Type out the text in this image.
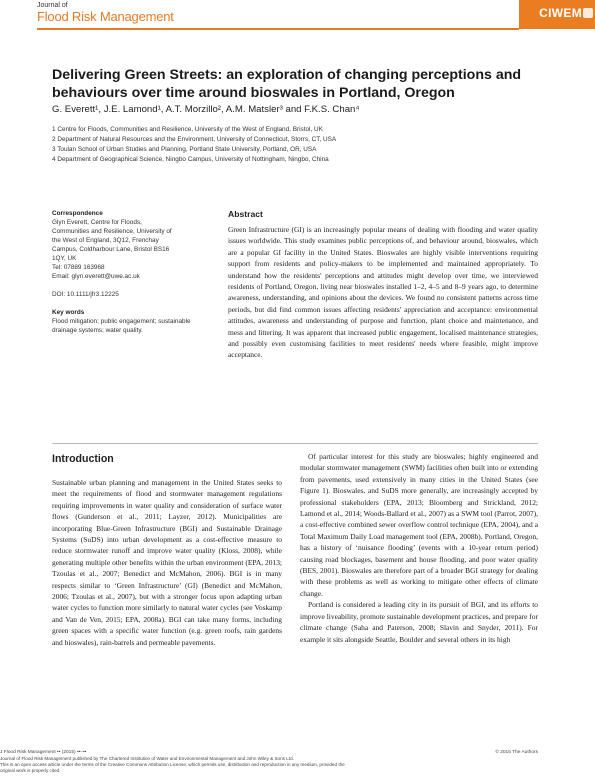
Journal of
Flood Risk Management	CIWEM
Delivering Green Streets: an exploration of changing perceptions and behaviours over time around bioswales in Portland, Oregon
G. Everett¹, J.E. Lamond¹, A.T. Morzillo², A.M. Matsler³ and F.K.S. Chan⁴
1 Centre for Floods, Communities and Resilience, University of the West of England, Bristol, UK
2 Department of Natural Resources and the Environment, University of Connecticut, Storrs, CT, USA
3 Toulan School of Urban Studies and Planning, Portland State University, Portland, OR, USA
4 Department of Geographical Science, Ningbo Campus, University of Nottingham, Ningbo, China
Correspondence
Glyn Everett, Centre for Floods,
Communities and Resilience, University of
the West of England, 3Q12, Frenchay
Campus, Coldharbour Lane, Bristol BS16
1QY, UK
Tel: 07889 163968
Email: glyn.everett@uwe.ac.uk
DOI: 10.1111/jfr3.12225
Key words
Flood mitigation; public engagement; sustainable drainage systems; water quality.
Abstract
Green Infrastructure (GI) is an increasingly popular means of dealing with flooding and water quality issues worldwide. This study examines public perceptions of, and behaviour around, bioswales, which are a popular GI facility in the United States. Bioswales are highly visible interventions requiring support from residents and policy-makers to be implemented and maintained appropriately. To understand how the residents' perceptions and attitudes might develop over time, we interviewed residents of Portland, Oregon, living near bioswales installed 1–2, 4–5 and 8–9 years ago, to determine awareness, understanding, and opinions about the devices. We found no consistent patterns across time periods, but did find common issues affecting residents' appreciation and acceptance: environmental attitudes, awareness and understanding of purpose and function, plant choice and maintenance, and mess and littering. It was apparent that increased public engagement, localised maintenance strategies, and possibly even customising facilities to meet residents' needs where feasible, might improve acceptance.
Introduction

Sustainable urban planning and management in the United States seeks to meet the requirements of flood and stormwater management regulations requiring improvements in water quality and consideration of surface water flows (Gunderson et al., 2011; Layzer, 2012). Municipalities are incorporating Blue-Green Infrastructure (BGI) and Sustainable Drainage Systems (SuDS) into urban development as a cost-effective measure to reduce stormwater runoff and improve water quality (Kloss, 2008), while generating multiple other benefits within the urban environment (EPA, 2013; Tzoulas et al., 2007; Benedict and McMahon, 2006). BGI is in many respects similar to ‘Green Infrastructure’ (GI) (Benedict and McMahon, 2006; Tzoulas et al., 2007), but with a stronger focus upon adapting urban water cycles to function more similarly to natural water cycles (see Voskamp and Van de Ven, 2015; EPA, 2008a). BGI can take many forms, including green spaces with a specific water function (e.g. green roofs, rain gardens and bioswales), rain-barrels and permeable pavements.

Of particular interest for this study are bioswales; highly engineered and modular stormwater management (SWM) facilities often built into or extending from pavements, used extensively in many cities in the United States (see Figure 1). Bioswales, and SuDS more generally, are increasingly accepted by professional stakeholders (EPA, 2013; Bloomberg and Strickland, 2012; Lamond et al., 2014; Woods-Ballard et al., 2007) as a SWM tool (Parrot, 2007), a cost-effective combined sewer overflow control technique (EPA, 2004), and a Total Maximum Daily Load management tool (EPA, 2008b). Portland, Oregon, has a history of ‘nuisance flooding’ (events with a 10-year return period) causing road blockages, basement and house flooding, and poor water quality (BES, 2001). Bioswales are therefore part of a broader BGI strategy for dealing with these problems as well as working to mitigate other effects of climate change.

Portland is considered a leading city in its pursuit of BGI, and its efforts to improve liveability, promote sustainable development practices, and prepare for climate change (Saha and Paterson, 2008; Slavin and Snyder, 2011). For example it sits alongside Seattle, Boulder and several others in its high

J Flood Risk Management •• (2015) ••–••	© 2015 The Authors
Journal of Flood Risk Management published by The Chartered Institution of Water and Environmental Management and John Wiley & Sons Ltd.
This is an open access article under the terms of the Creative Commons Attribution License, which permits use, distribution and reproduction in any medium, provided the
original work is properly cited.
